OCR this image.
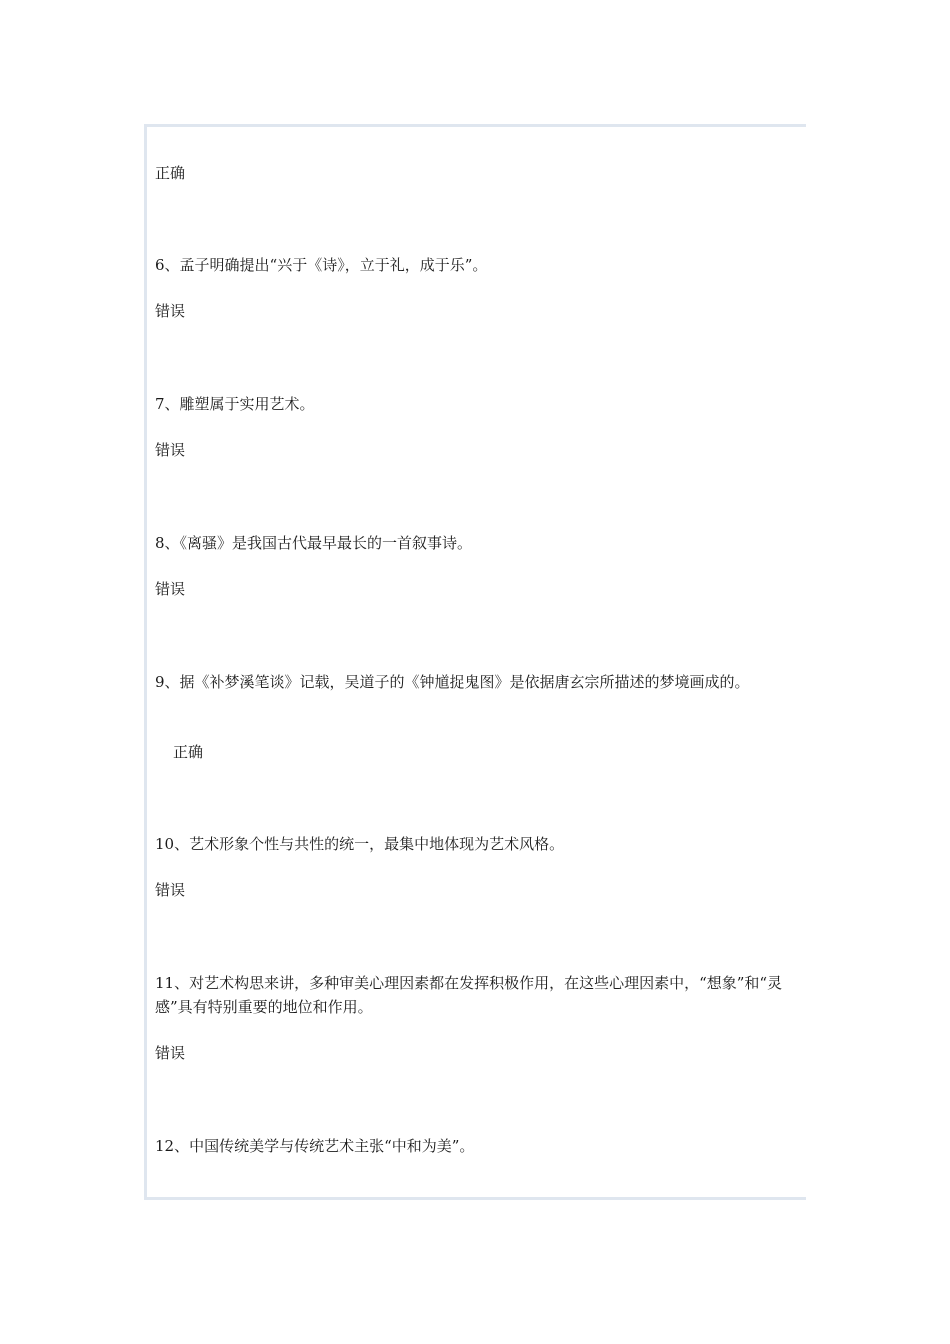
正确
6、孟子明确提出“兴于《诗》，立于礼，成于乐”。
错误
7、雕塑属于实用艺术。
错误
8、《离骚》是我国古代最早最长的一首叙事诗。
错误
9、据《补梦溪笔谈》记载，吴道子的《钟馗捉鬼图》是依据唐玄宗所描述的梦境画成的。
正确
10、艺术形象个性与共性的统一，最集中地体现为艺术风格。
错误
11、对艺术构思来讲，多种审美心理因素都在发挥积极作用，在这些心理因素中，“想象”和“灵感”具有特别重要的地位和作用。
错误
12、中国传统美学与传统艺术主张“中和为美”。
